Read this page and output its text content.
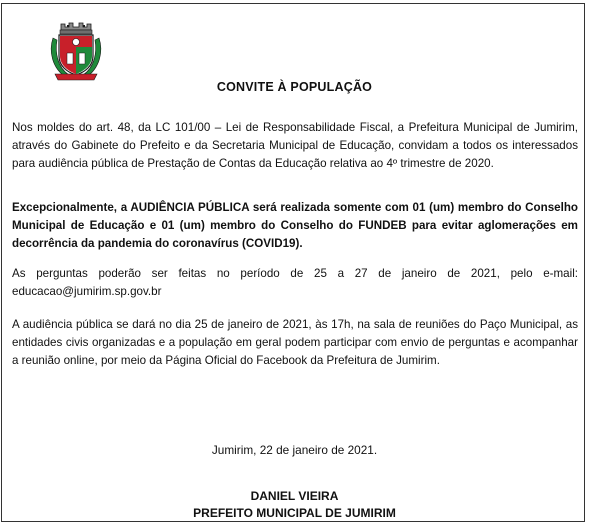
CONVITE À POPULAÇÃO

Nos moldes do art. 48, da LC 101/00 – Lei de Responsabilidade Fiscal, a Prefeitura Municipal de Jumirim, através do Gabinete do Prefeito e da Secretaria Municipal de Educação, convidam a todos os interessados para audiência pública de Prestação de Contas da Educação relativa ao 4º trimestre de 2020.

Excepcionalmente, a AUDIÊNCIA PÚBLICA será realizada somente com 01 (um) membro do Conselho Municipal de Educação e 01 (um) membro do Conselho do FUNDEB para evitar aglomerações em decorrência da pandemia do coronavírus (COVID19).

As perguntas poderão ser feitas no período de 25 a 27 de janeiro de 2021, pelo e-mail: educacao@jumirim.sp.gov.br

A audiência pública se dará no dia 25 de janeiro de 2021, às 17h, na sala de reuniões do Paço Municipal, as entidades civis organizadas e a população em geral podem participar com envio de perguntas e acompanhar a reunião online, por meio da Página Oficial do Facebook da Prefeitura de Jumirim.

Jumirim, 22 de janeiro de 2021.
DANIEL VIEIRA
PREFEITO MUNICIPAL DE JUMIRIM
